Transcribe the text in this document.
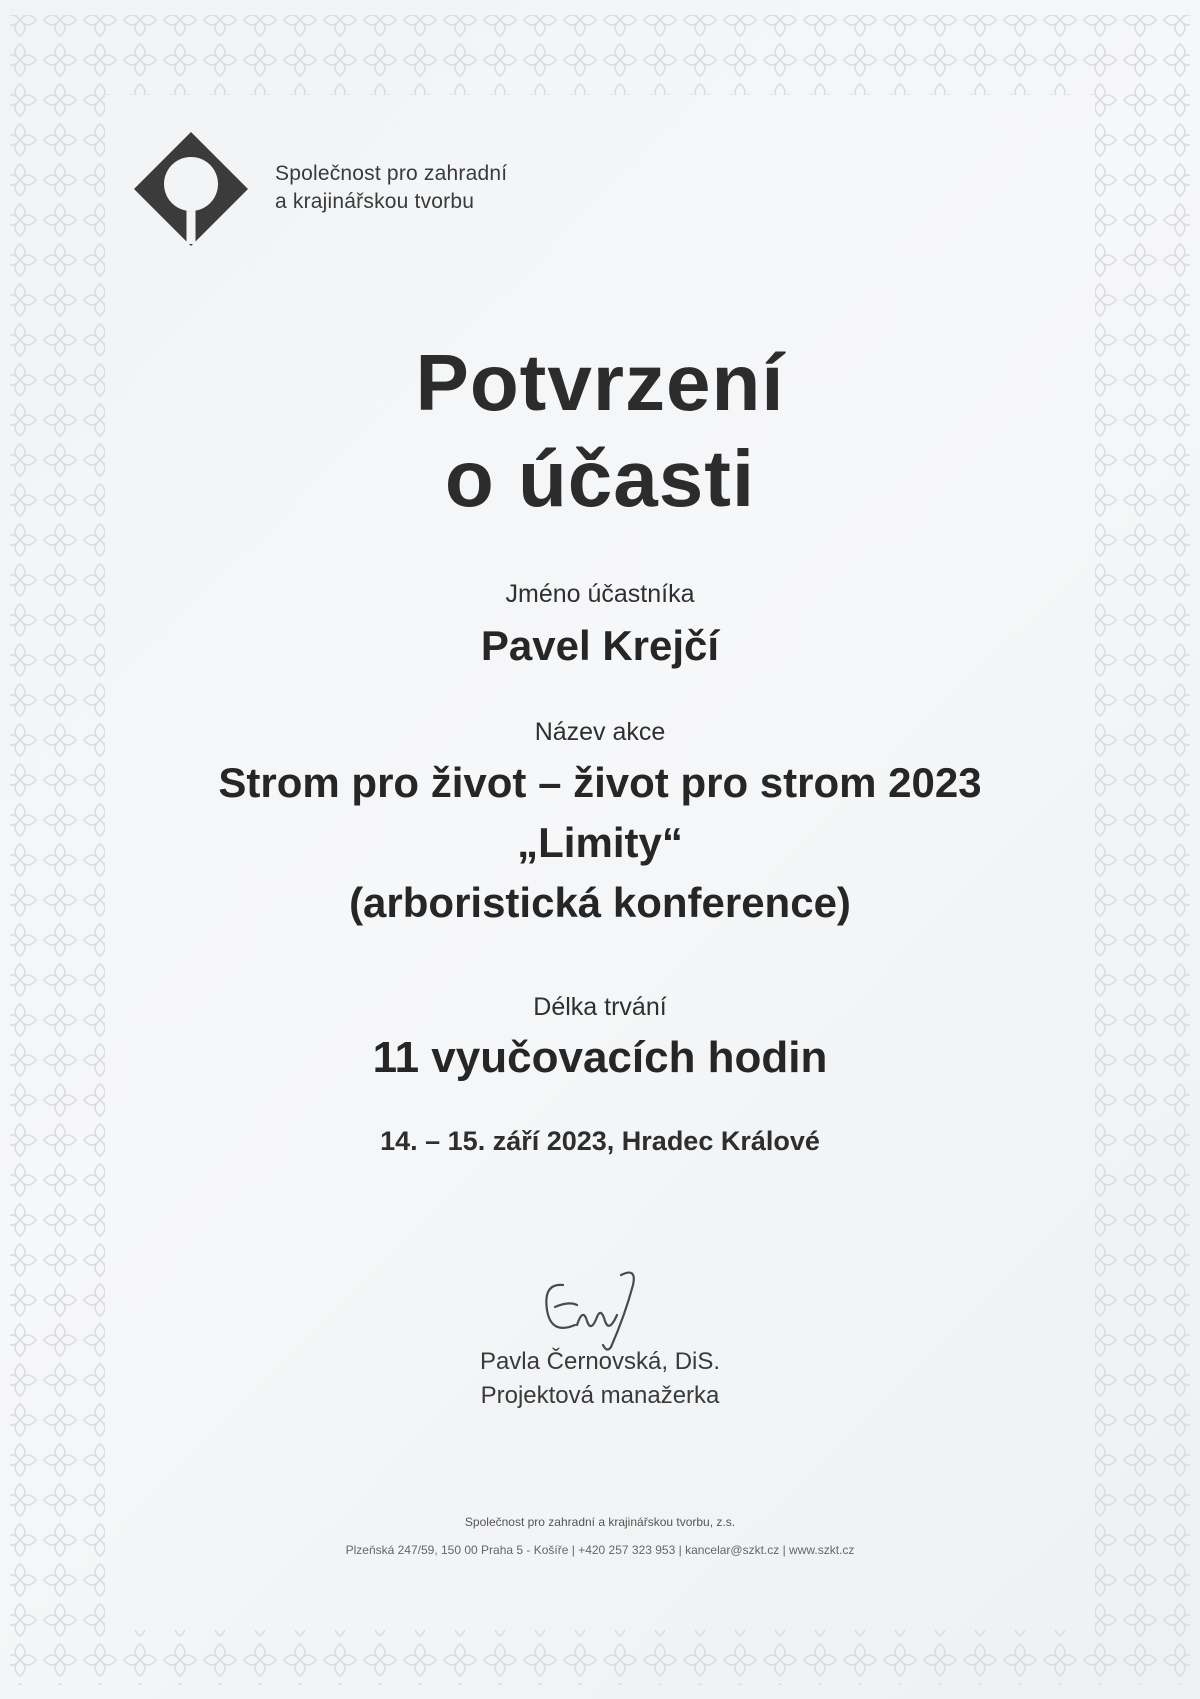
Společnost pro zahradní
a krajinářskou tvorbu
Potvrzení
o účasti
Jméno účastníka
Pavel Krejčí
Název akce
Strom pro život – život pro strom 2023
„Limity“
(arboristická konference)
Délka trvání
11 vyučovacích hodin
14. – 15. září 2023, Hradec Králové
Pavla Černovská, DiS.
Projektová manažerka
Společnost pro zahradní a krajinářskou tvorbu, z.s.
Plzeňská 247/59, 150 00 Praha 5 - Košíře | +420 257 323 953 | kancelar@szkt.cz | www.szkt.cz
